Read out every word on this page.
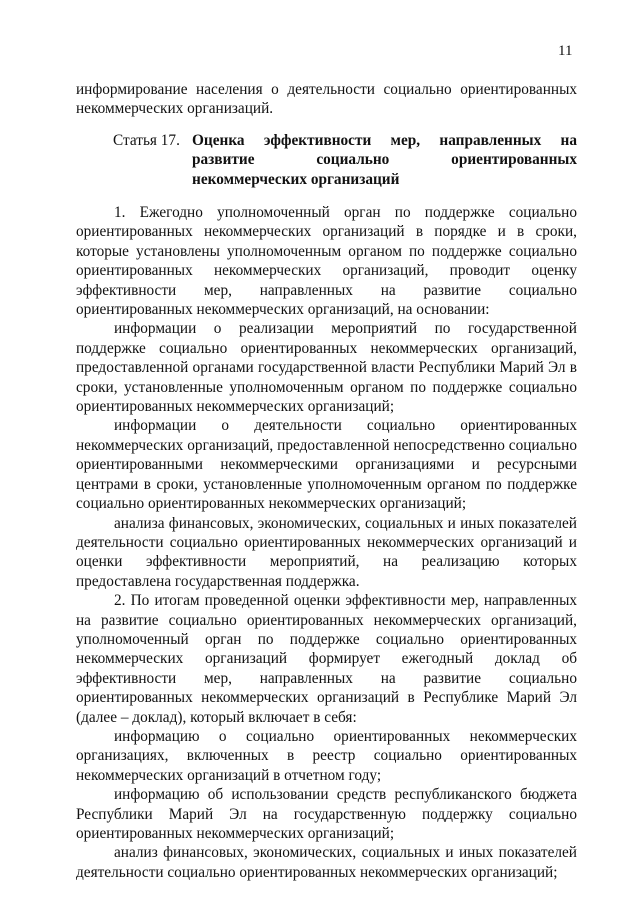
11

информирование населения о деятельности социально ориентированных некоммерческих организаций.

Статья 17. Оценка эффективности мер, направленных на развитие социально ориентированных некоммерческих организаций

1. Ежегодно уполномоченный орган по поддержке социально ориентированных некоммерческих организаций в порядке и в сроки, которые установлены уполномоченным органом по поддержке социально ориентированных некоммерческих организаций, проводит оценку эффективности мер, направленных на развитие социально ориентированных некоммерческих организаций, на основании:

информации о реализации мероприятий по государственной поддержке социально ориентированных некоммерческих организаций, предоставленной органами государственной власти Республики Марий Эл в сроки, установленные уполномоченным органом по поддержке социально ориентированных некоммерческих организаций;

информации о деятельности социально ориентированных некоммерческих организаций, предоставленной непосредственно социально ориентированными некоммерческими организациями и ресурсными центрами в сроки, установленные уполномоченным органом по поддержке социально ориентированных некоммерческих организаций;

анализа финансовых, экономических, социальных и иных показателей деятельности социально ориентированных некоммерческих организаций и оценки эффективности мероприятий, на реализацию которых предоставлена государственная поддержка.

2. По итогам проведенной оценки эффективности мер, направленных на развитие социально ориентированных некоммерческих организаций, уполномоченный орган по поддержке социально ориентированных некоммерческих организаций формирует ежегодный доклад об эффективности мер, направленных на развитие социально ориентированных некоммерческих организаций в Республике Марий Эл (далее – доклад), который включает в себя:

информацию о социально ориентированных некоммерческих организациях, включенных в реестр социально ориентированных некоммерческих организаций в отчетном году;

информацию об использовании средств республиканского бюджета Республики Марий Эл на государственную поддержку социально ориентированных некоммерческих организаций;

анализ финансовых, экономических, социальных и иных показателей деятельности социально ориентированных некоммерческих организаций;
